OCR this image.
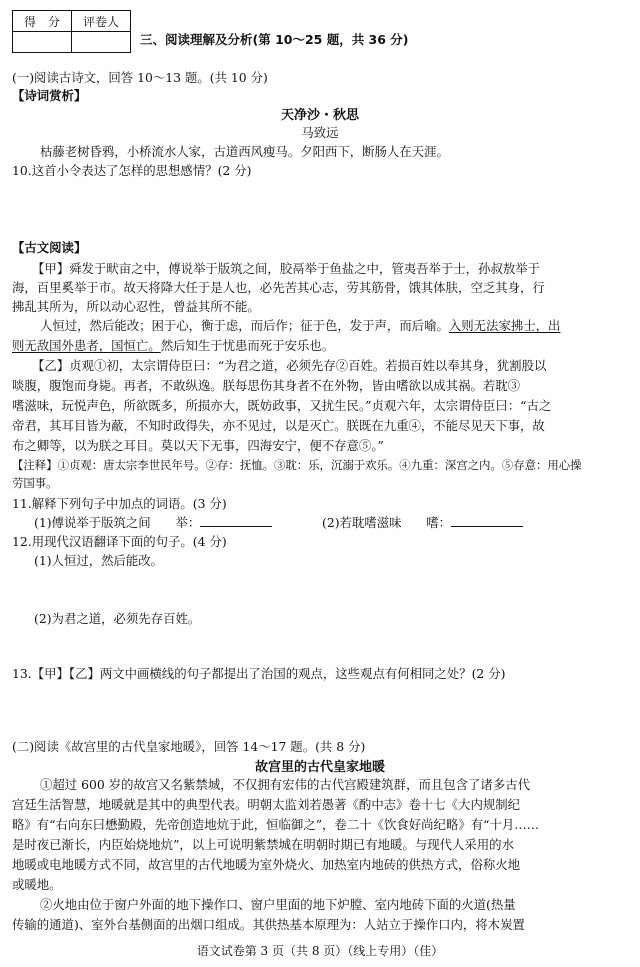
得　分	评卷人

三、阅读理解及分析(第 10～25 题，共 36 分)
(一)阅读古诗文，回答 10～13 题。(共 10 分)
【诗词赏析】
天净沙・秋思
马致远
枯藤老树昏鸦，小桥流水人家，古道西风瘦马。夕阳西下，断肠人在天涯。
10.这首小令表达了怎样的思想感情？(2 分)
【古文阅读】
【甲】舜发于畎亩之中，傅说举于版筑之间，胶鬲举于鱼盐之中，管夷吾举于士，孙叔敖举于
海，百里奚举于市。故天将降大任于是人也，必先苦其心志，劳其筋骨，饿其体肤，空乏其身，行
拂乱其所为，所以动心忍性，曾益其所不能。
人恒过，然后能改；困于心，衡于虑，而后作；征于色，发于声，而后喻。入则无法家拂士，出
则无敌国外患者，国恒亡。然后知生于忧患而死于安乐也。
【乙】贞观①初，太宗谓侍臣曰：“为君之道，必须先存②百姓。若损百姓以奉其身，犹割股以
啖腹，腹饱而身毙。再者，不敢纵逸。朕每思伤其身者不在外物，皆由嗜欲以成其祸。若耽③
嗜滋味，玩悦声色，所欲既多，所损亦大，既妨政事，又扰生民。”贞观六年，太宗谓侍臣曰：“古之
帝君，其耳目皆为蔽，不知时政得失，亦不见过，以是灭亡。朕既在九重④，不能尽见天下事，故
布之卿等，以为朕之耳目。莫以天下无事，四海安宁，便不存意⑤。”
【注释】①贞观：唐太宗李世民年号。②存：抚恤。③耽：乐，沉溺于欢乐。④九重：深宫之内。⑤存意：用心操
劳国事。
11.解释下列句子中加点的词语。(3 分)
(1)傅说举于版筑之间　　举：	(2)若耽嗜滋味　　嗜：
12.用现代汉语翻译下面的句子。(4 分)
(1)人恒过，然后能改。
(2)为君之道，必须先存百姓。
13.【甲】【乙】两文中画横线的句子都提出了治国的观点，这些观点有何相同之处？(2 分)
(二)阅读《故宫里的古代皇家地暖》，回答 14～17 题。(共 8 分)
故宫里的古代皇家地暖
①超过 600 岁的故宫又名紫禁城，不仅拥有宏伟的古代宫殿建筑群，而且包含了诸多古代
宫廷生活智慧，地暖就是其中的典型代表。明朝太监刘若愚著《酌中志》卷十七《大内规制纪
略》有“右向东曰懋勤殿，先帝创造地炕于此，恒临御之”，卷二十《饮食好尚纪略》有“十月……
是时夜已渐长，内臣始烧地炕”，以上可说明紫禁城在明朝时期已有地暖。与现代人采用的水
地暖或电地暖方式不同，故宫里的古代地暖为室外烧火、加热室内地砖的供热方式，俗称火地
或暖地。
②火地由位于窗户外面的地下操作口、窗户里面的地下炉膛、室内地砖下面的火道(热量
传输的通道)、室外台基侧面的出烟口组成。其供热基本原理为：人站立于操作口内，将木炭置
语文试卷第 3 页（共 8 页）（线上专用）（佳）
